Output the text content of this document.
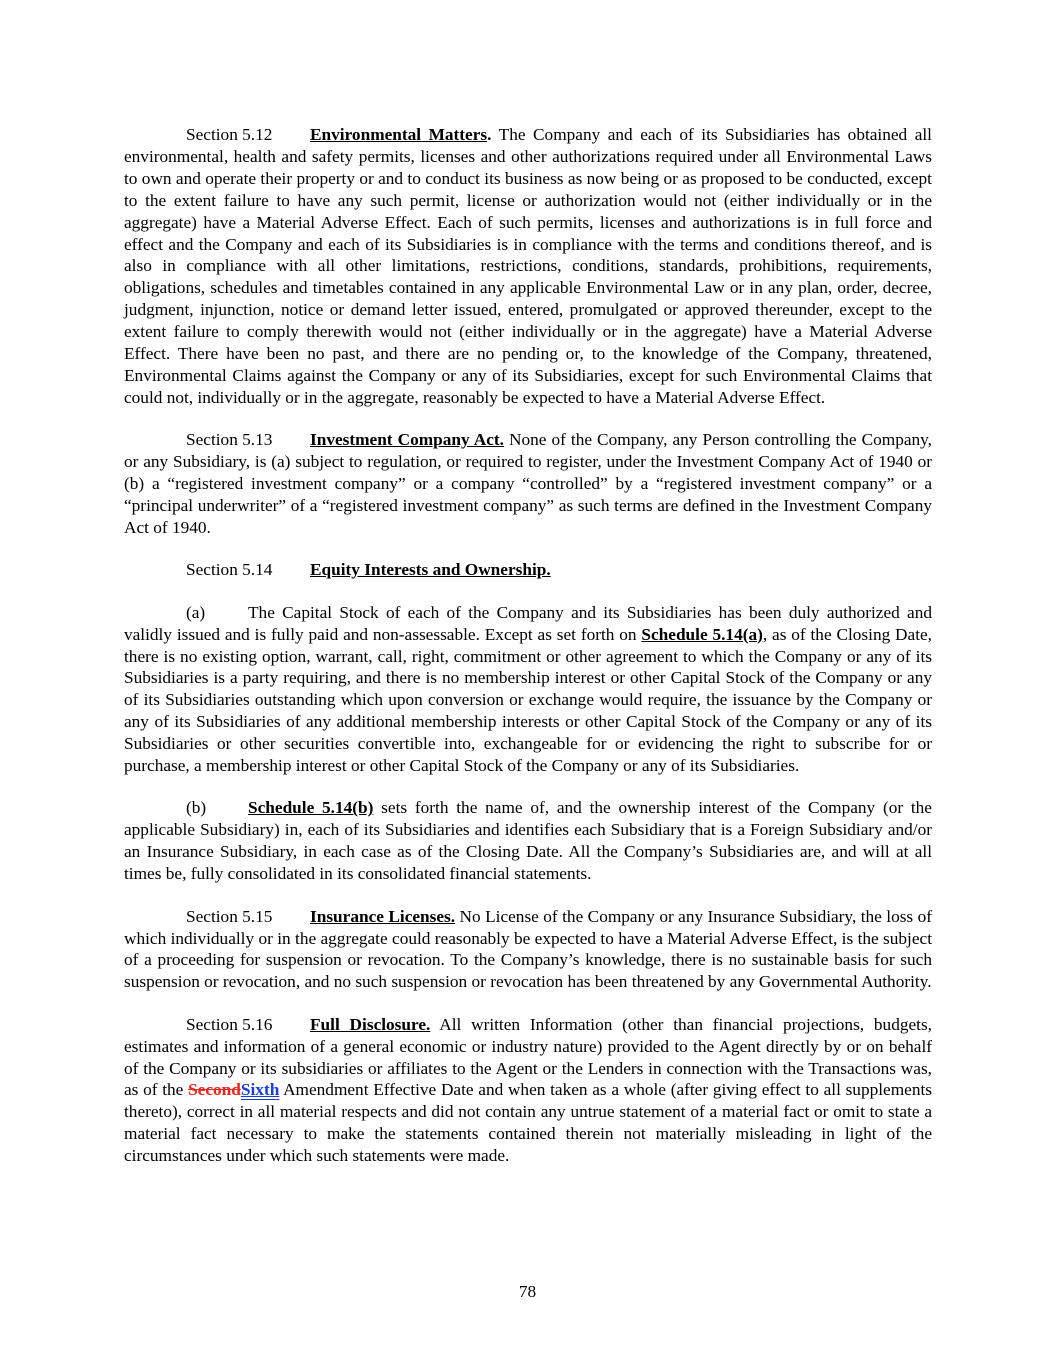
Section 5.12 Environmental Matters. The Company and each of its Subsidiaries has obtained all environmental, health and safety permits, licenses and other authorizations required under all Environmental Laws to own and operate their property or and to conduct its business as now being or as proposed to be conducted, except to the extent failure to have any such permit, license or authorization would not (either individually or in the aggregate) have a Material Adverse Effect. Each of such permits, licenses and authorizations is in full force and effect and the Company and each of its Subsidiaries is in compliance with the terms and conditions thereof, and is also in compliance with all other limitations, restrictions, conditions, standards, prohibitions, requirements, obligations, schedules and timetables contained in any applicable Environmental Law or in any plan, order, decree, judgment, injunction, notice or demand letter issued, entered, promulgated or approved thereunder, except to the extent failure to comply therewith would not (either individually or in the aggregate) have a Material Adverse Effect. There have been no past, and there are no pending or, to the knowledge of the Company, threatened, Environmental Claims against the Company or any of its Subsidiaries, except for such Environmental Claims that could not, individually or in the aggregate, reasonably be expected to have a Material Adverse Effect.

Section 5.13 Investment Company Act. None of the Company, any Person controlling the Company, or any Subsidiary, is (a) subject to regulation, or required to register, under the Investment Company Act of 1940 or (b) a “registered investment company” or a company “controlled” by a “registered investment company” or a “principal underwriter” of a “registered investment company” as such terms are defined in the Investment Company Act of 1940.

Section 5.14 Equity Interests and Ownership.

(a) The Capital Stock of each of the Company and its Subsidiaries has been duly authorized and validly issued and is fully paid and non-assessable. Except as set forth on Schedule 5.14(a), as of the Closing Date, there is no existing option, warrant, call, right, commitment or other agreement to which the Company or any of its Subsidiaries is a party requiring, and there is no membership interest or other Capital Stock of the Company or any of its Subsidiaries outstanding which upon conversion or exchange would require, the issuance by the Company or any of its Subsidiaries of any additional membership interests or other Capital Stock of the Company or any of its Subsidiaries or other securities convertible into, exchangeable for or evidencing the right to subscribe for or purchase, a membership interest or other Capital Stock of the Company or any of its Subsidiaries.

(b) Schedule 5.14(b) sets forth the name of, and the ownership interest of the Company (or the applicable Subsidiary) in, each of its Subsidiaries and identifies each Subsidiary that is a Foreign Subsidiary and/or an Insurance Subsidiary, in each case as of the Closing Date. All the Company’s Subsidiaries are, and will at all times be, fully consolidated in its consolidated financial statements.

Section 5.15 Insurance Licenses. No License of the Company or any Insurance Subsidiary, the loss of which individually or in the aggregate could reasonably be expected to have a Material Adverse Effect, is the subject of a proceeding for suspension or revocation. To the Company’s knowledge, there is no sustainable basis for such suspension or revocation, and no such suspension or revocation has been threatened by any Governmental Authority.

Section 5.16 Full Disclosure. All written Information (other than financial projections, budgets, estimates and information of a general economic or industry nature) provided to the Agent directly by or on behalf of the Company or its subsidiaries or affiliates to the Agent or the Lenders in connection with the Transactions was, as of the SecondSixth Amendment Effective Date and when taken as a whole (after giving effect to all supplements thereto), correct in all material respects and did not contain any untrue statement of a material fact or omit to state a material fact necessary to make the statements contained therein not materially misleading in light of the circumstances under which such statements were made.

78
